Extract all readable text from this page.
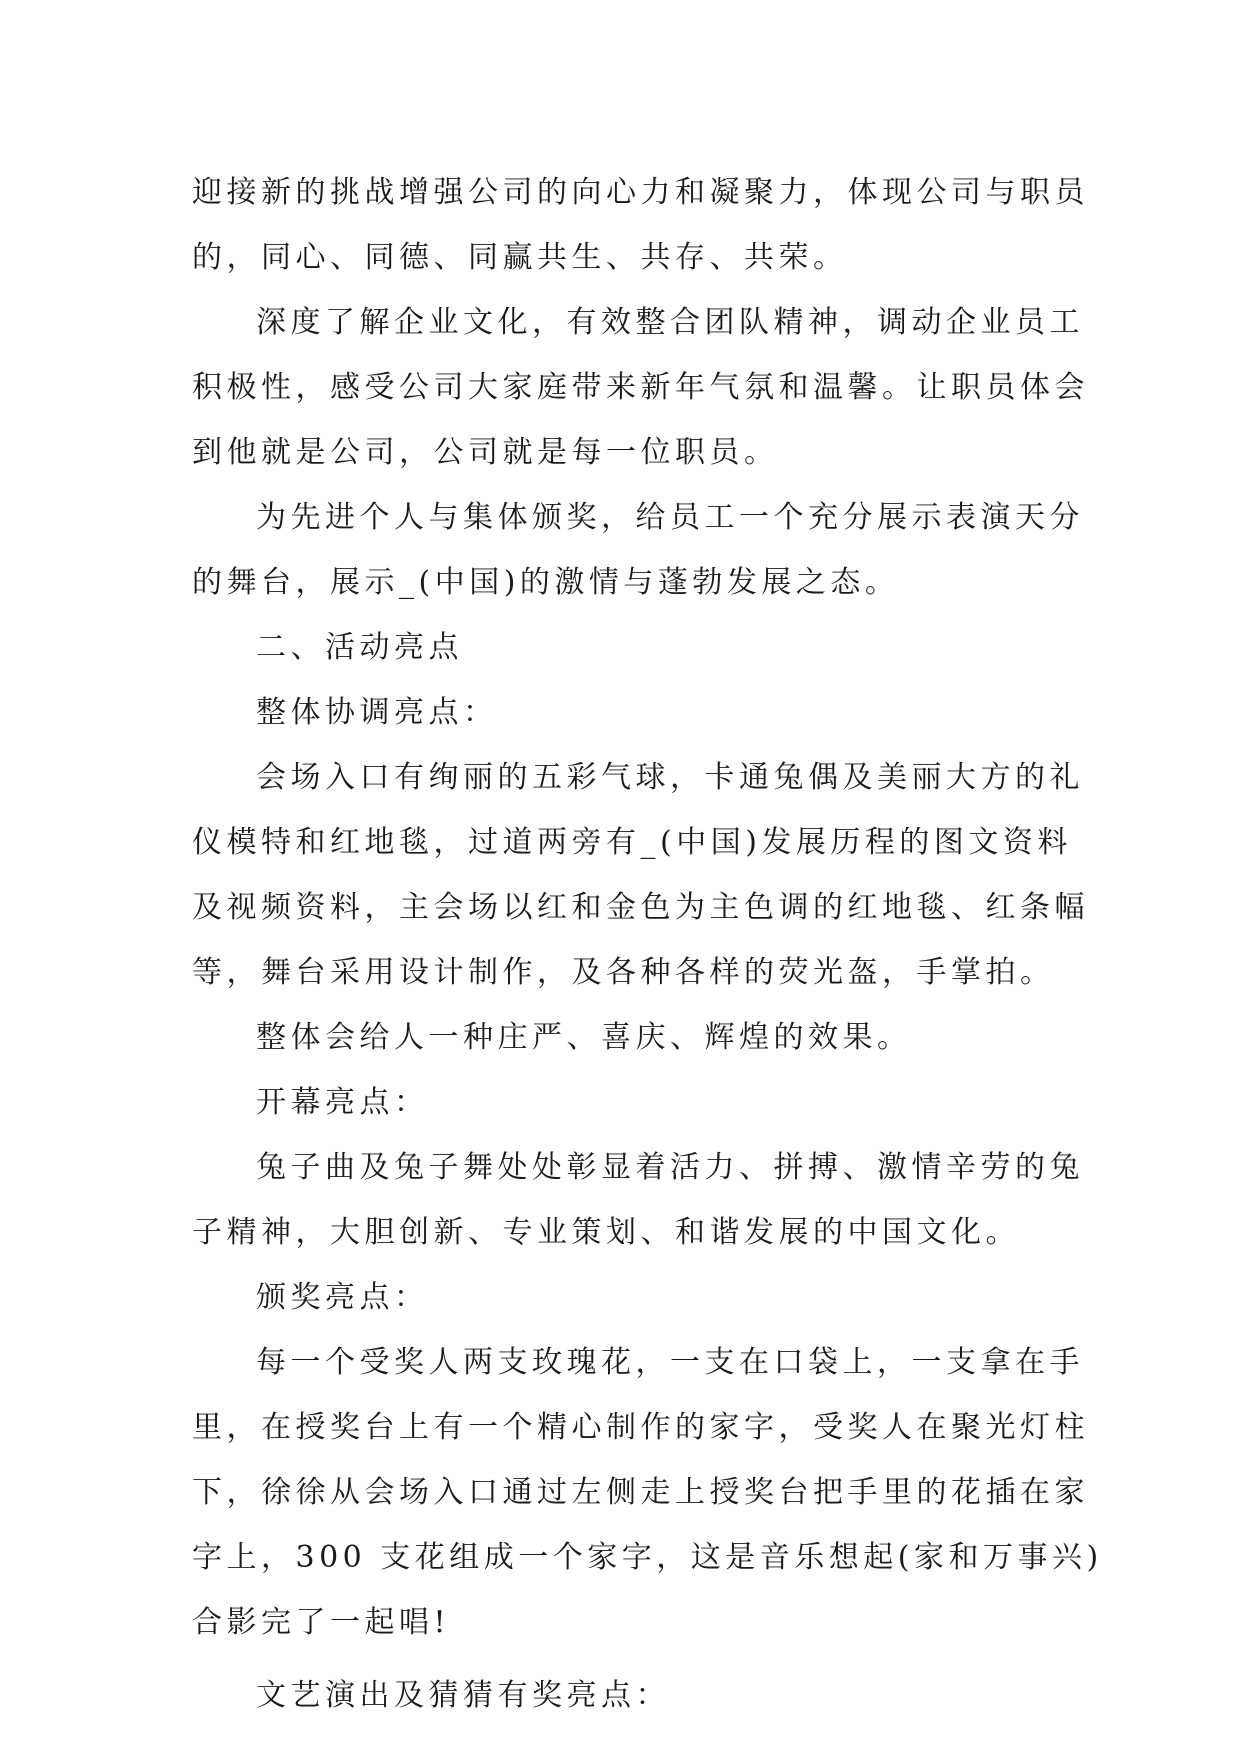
迎接新的挑战增强公司的向心力和凝聚力，体现公司与职员
的，同心、同德、同赢共生、共存、共荣。
深度了解企业文化，有效整合团队精神，调动企业员工
积极性，感受公司大家庭带来新年气氛和温馨。让职员体会
到他就是公司，公司就是每一位职员。
为先进个人与集体颁奖，给员工一个充分展示表演天分
的舞台，展示_(中国)的激情与蓬勃发展之态。
二、活动亮点
整体协调亮点：
会场入口有绚丽的五彩气球，卡通兔偶及美丽大方的礼
仪模特和红地毯，过道两旁有_(中国)发展历程的图文资料
及视频资料，主会场以红和金色为主色调的红地毯、红条幅
等，舞台采用设计制作，及各种各样的荧光盔，手掌拍。
整体会给人一种庄严、喜庆、辉煌的效果。
开幕亮点：
兔子曲及兔子舞处处彰显着活力、拼搏、激情辛劳的兔
子精神，大胆创新、专业策划、和谐发展的中国文化。
颁奖亮点：
每一个受奖人两支玫瑰花，一支在口袋上，一支拿在手
里，在授奖台上有一个精心制作的家字，受奖人在聚光灯柱
下，徐徐从会场入口通过左侧走上授奖台把手里的花插在家
字上，300 支花组成一个家字，这是音乐想起(家和万事兴)
合影完了一起唱!
文艺演出及猜猜有奖亮点：
